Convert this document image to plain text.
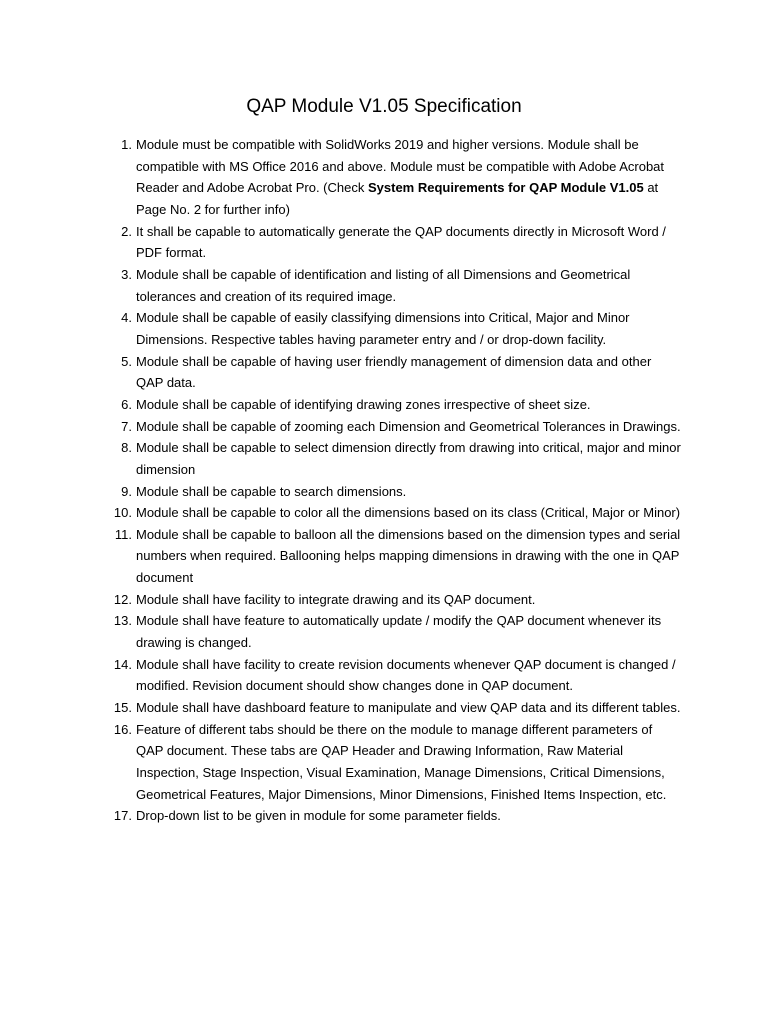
QAP Module V1.05 Specification
1. Module must be compatible with SolidWorks 2019 and higher versions. Module shall be compatible with MS Office 2016 and above. Module must be compatible with Adobe Acrobat Reader and Adobe Acrobat Pro. (Check System Requirements for QAP Module V1.05 at Page No. 2 for further info)
2. It shall be capable to automatically generate the QAP documents directly in Microsoft Word / PDF format.
3. Module shall be capable of identification and listing of all Dimensions and Geometrical tolerances and creation of its required image.
4. Module shall be capable of easily classifying dimensions into Critical, Major and Minor Dimensions. Respective tables having parameter entry and / or drop-down facility.
5. Module shall be capable of having user friendly management of dimension data and other QAP data.
6. Module shall be capable of identifying drawing zones irrespective of sheet size.
7. Module shall be capable of zooming each Dimension and Geometrical Tolerances in Drawings.
8. Module shall be capable to select dimension directly from drawing into critical, major and minor dimension
9. Module shall be capable to search dimensions.
10. Module shall be capable to color all the dimensions based on its class (Critical, Major or Minor)
11. Module shall be capable to balloon all the dimensions based on the dimension types and serial numbers when required. Ballooning helps mapping dimensions in drawing with the one in QAP document
12. Module shall have facility to integrate drawing and its QAP document.
13. Module shall have feature to automatically update / modify the QAP document whenever its drawing is changed.
14. Module shall have facility to create revision documents whenever QAP document is changed / modified. Revision document should show changes done in QAP document.
15. Module shall have dashboard feature to manipulate and view QAP data and its different tables.
16. Feature of different tabs should be there on the module to manage different parameters of QAP document. These tabs are QAP Header and Drawing Information, Raw Material Inspection, Stage Inspection, Visual Examination, Manage Dimensions, Critical Dimensions, Geometrical Features, Major Dimensions, Minor Dimensions, Finished Items Inspection, etc.
17. Drop-down list to be given in module for some parameter fields.
